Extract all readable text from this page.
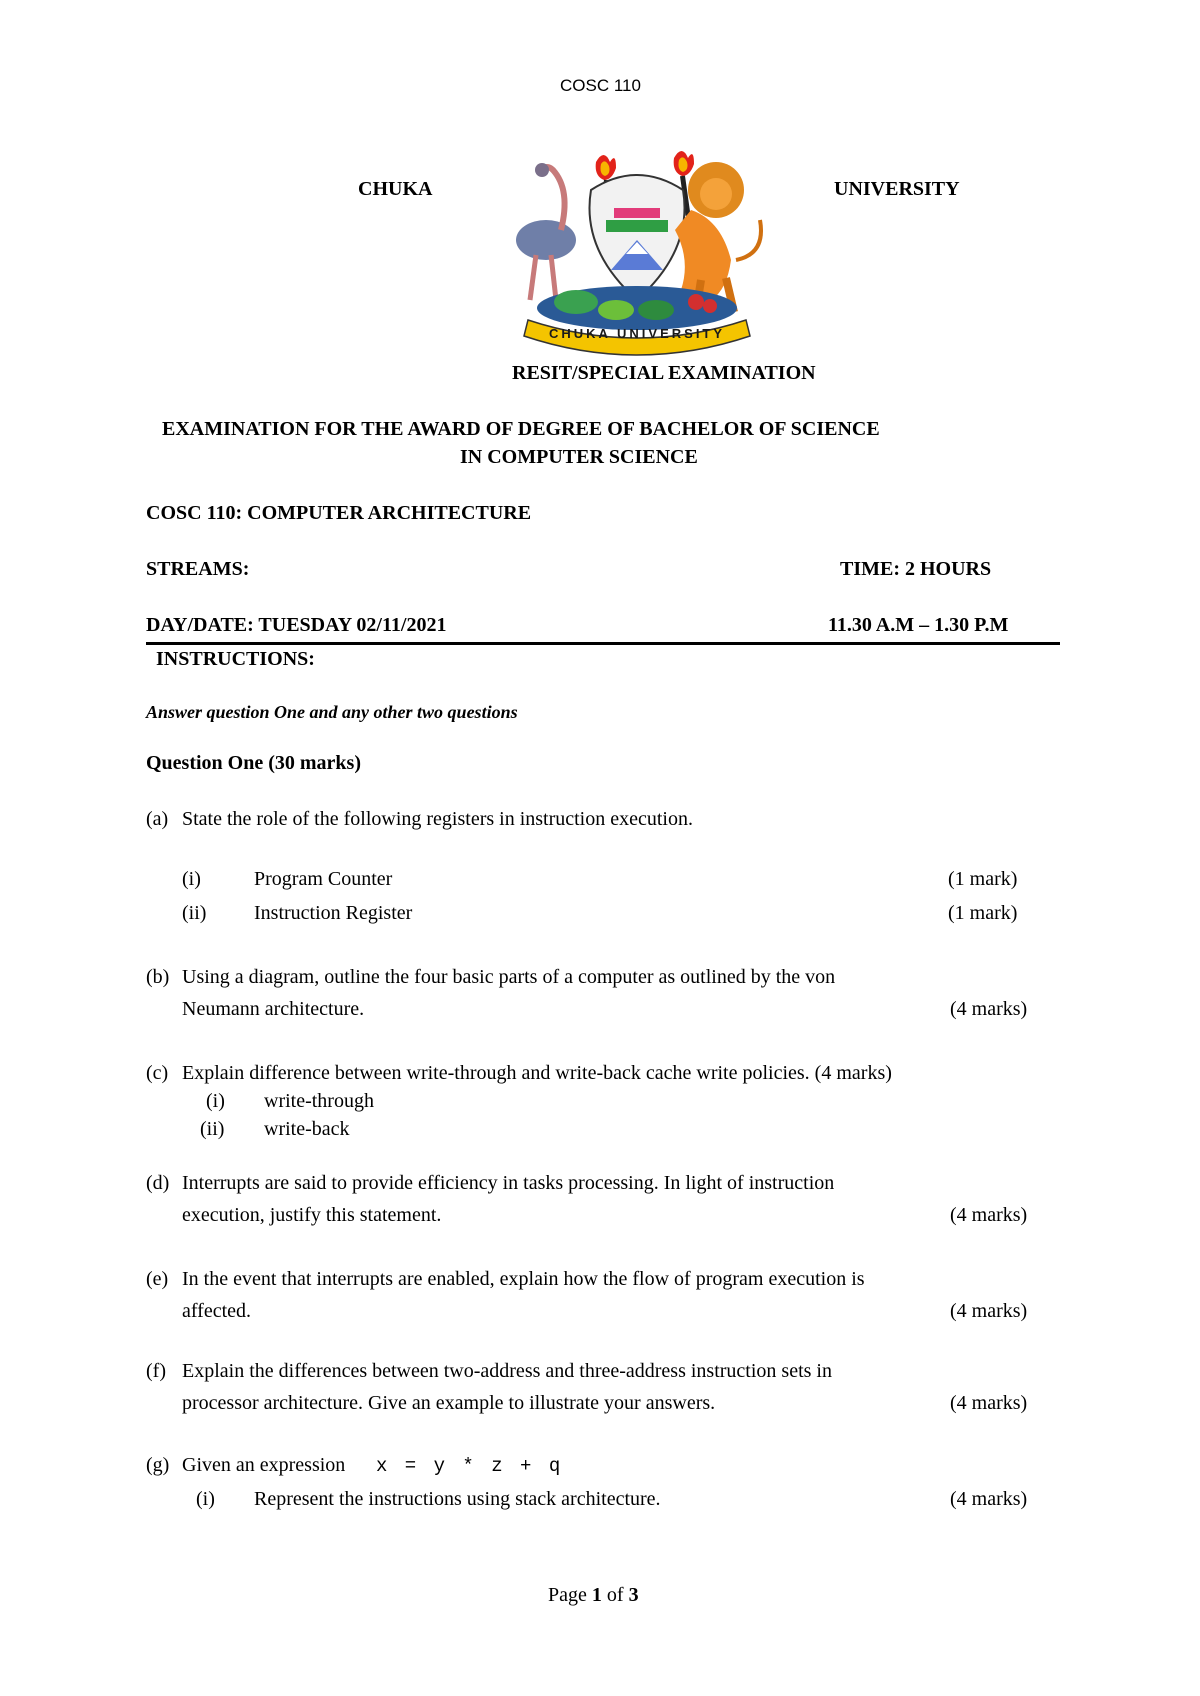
COSC 110
CHUKA	UNIVERSITY
CHUKA UNIVERSITY
RESIT/SPECIAL EXAMINATION
EXAMINATION FOR THE AWARD OF DEGREE OF BACHELOR OF SCIENCE
IN COMPUTER SCIENCE
COSC 110: COMPUTER ARCHITECTURE
STREAMS:	TIME: 2 HOURS
DAY/DATE: TUESDAY 02/11/2021	11.30 A.M – 1.30 P.M
INSTRUCTIONS:
Answer question One and any other two questions
Question One (30 marks)
(a) State the role of the following registers in instruction execution.
(i)	Program Counter	(1 mark)
(ii) Instruction Register	(1 mark)
(b) Using a diagram, outline the four basic parts of a computer as outlined by the von
Neumann architecture.	(4 marks)
(c) Explain difference between write-through and write-back cache write policies. (4 marks)
(i) write-through
(ii) write-back
(d) Interrupts are said to provide efficiency in tasks processing. In light of instruction
execution, justify this statement.	(4 marks)
(e) In the event that interrupts are enabled, explain how the flow of program execution is
affected.	(4 marks)
(f) Explain the differences between two-address and three-address instruction sets in
processor architecture. Give an example to illustrate your answers.	(4 marks)
(g) Given an expression x = y * z + q
(i) Represent the instructions using stack architecture.	(4 marks)
Page 1 of 3
